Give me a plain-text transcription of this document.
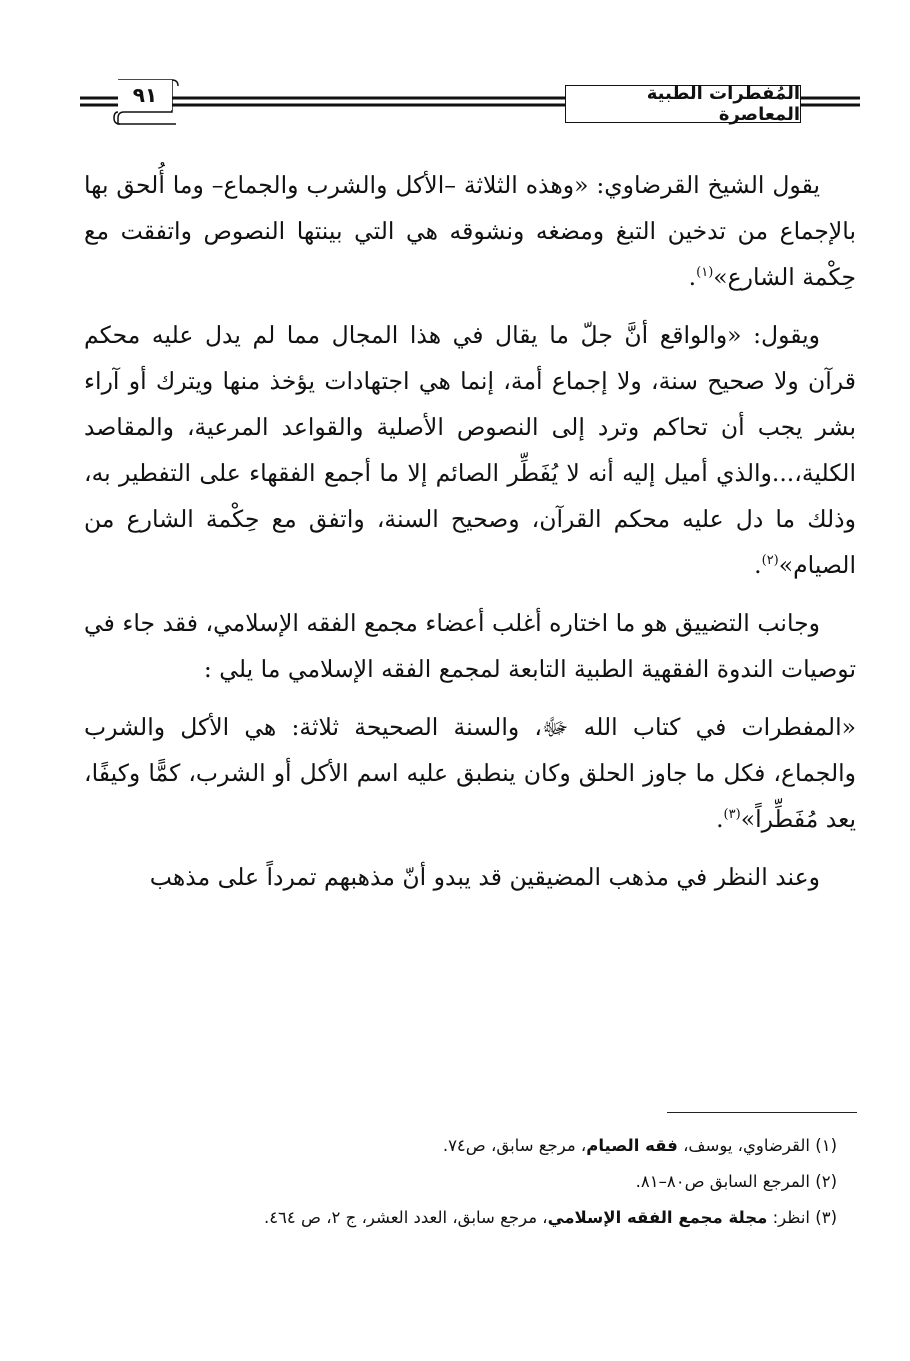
٩١	المُفطرات الطبية المعاصرة

يقول الشيخ القرضاوي: «وهذه الثلاثة –الأكل والشرب والجماع– وما أُلحق بها بالإجماع من تدخين التبغ ومضغه ونشوقه هي التي بينتها النصوص واتفقت مع حِكْمة الشارع»$^{(١)}$.

ويقول: «والواقع أنَّ جلّ ما يقال في هذا المجال مما لم يدل عليه محكم قرآن ولا صحيح سنة، ولا إجماع أمة، إنما هي اجتهادات يؤخذ منها ويترك أو آراء بشر يجب أن تحاكم وترد إلى النصوص الأصلية والقواعد المرعية، والمقاصد الكلية،...والذي أميل إليه أنه لا يُفَطِّر الصائم إلا ما أجمع الفقهاء على التفطير به، وذلك ما دل عليه محكم القرآن، وصحيح السنة، واتفق مع حِكْمة الشارع من الصيام»$^{(٢)}$.

وجانب التضييق هو ما اختاره أغلب أعضاء مجمع الفقه الإسلامي، فقد جاء في توصيات الندوة الفقهية الطبية التابعة لمجمع الفقه الإسلامي ما يلي :

«المفطرات في كتاب الله ﷻ، والسنة الصحيحة ثلاثة: هي الأكل والشرب والجماع، فكل ما جاوز الحلق وكان ينطبق عليه اسم الأكل أو الشرب، كمًّا وكيفًا، يعد مُفَطِّراً»$^{(٣)}$.

وعند النظر في مذهب المضيقين قد يبدو أنّ مذهبهم تمرداً على مذهب

(١) القرضاوي، يوسف، فقه الصيام، مرجع سابق، ص٧٤.
(٢) المرجع السابق ص٨٠–٨١.
(٣) انظر: مجلة مجمع الفقه الإسلامي، مرجع سابق، العدد العشر، ج ٢، ص ٤٦٤.
